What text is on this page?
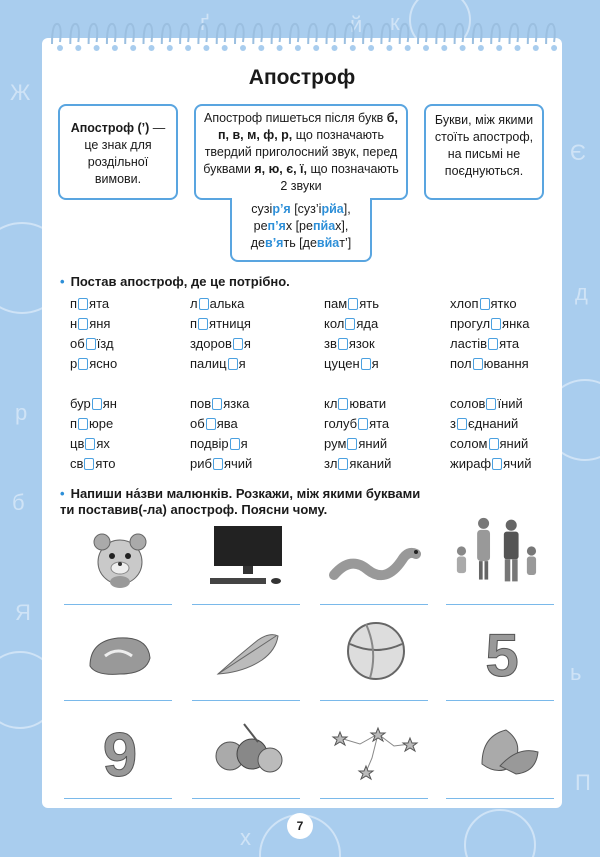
Ж
р
б
Я
Є
д
ь
П
ґ	й к
х
Апостроф
Апостроф (’) — це знак для роздільної вимови.
Апостроф пишеться після букв б, п, в, м, ф, р, що позначають твердий приголосний звук, перед буквами я, ю, є, ї, що позначають 2 звуки
Букви, між якими стоїть апостроф, на письмі не поєднуються.
сузір’я [суз’ірйа],
реп’ях [репйах],
дев’ять [девйат’]
• Постав апостроф, де це потрібно.
п ята	л алька	пам ять	хлоп ятко
н яня	п ятниця	кол яда	прогул янка
об їзд	здоров я	зв язок	ластів ята
р ясно	палиц я	цуцен я	пол ювання
бур ян	пов язка	кл ювати	солов їний
п юре	об ява	голуб ята	з єднаний
цв ях	подвір я	рум яний	солом яний
св ято	риб ячий	зл яканий	жираф ячий
• Напиши на́зви малюнків. Розкажи, між якими буквами
ти поставив(-ла) апостроф. Поясни чому.
5
9
7
